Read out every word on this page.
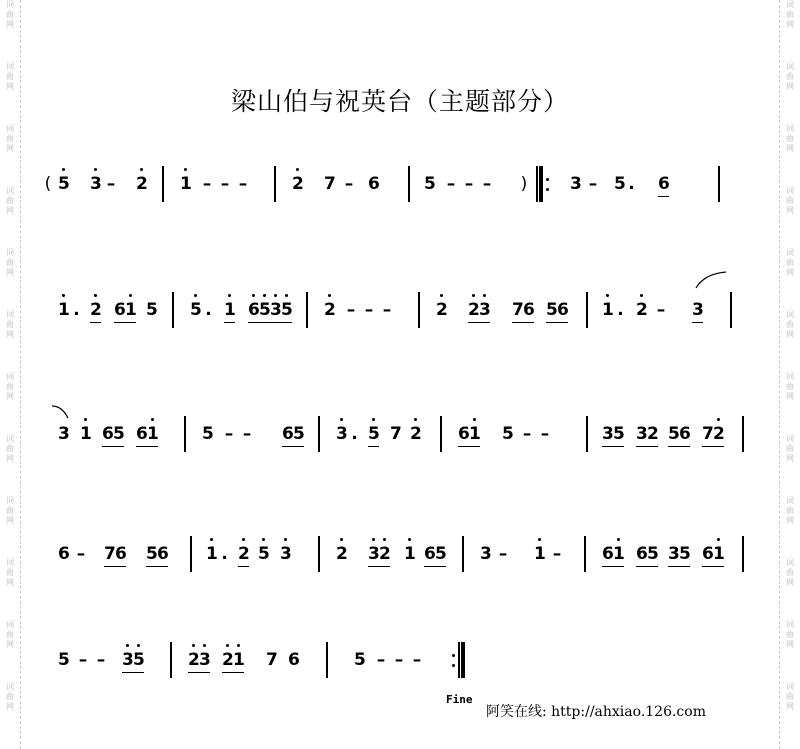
词
曲
网

词
曲
网

词
曲
网

词
曲
网

词
曲
网

词
曲
网

词
曲
网

词
曲
网

词
曲
网

词
曲
网

词
曲
网

词
曲
网

词
曲
网

词
曲
网

词
曲
网

词
曲
网

词
曲
网

词
曲
网

词
曲
网

词
曲
网

词
曲
网

词
曲
网

词
曲
网

词
曲
网

梁山伯与祝英台（主题部分）
( 5 3 – 2 1 – – –	2 7 – 6	5 – – – )	3 – 5 . 6
1 . 2 6 1 5 5 . 1 6 5 3 5 2 – – –	2 2 3 7 6 5 6 1 . 2 – 3
3 1 6 5 6 1	5 – – 6 5 3 . 5 7 2 6 1 5 – –	3 5 3 2 5 6 7 2
6 – 7 6 5 6 1 . 2 5 3	2 3 2 1 6 5 3 – 1 – 6 1 6 5 3 5 6 1
5 – – 3 5	2 3 2 1 7 6	5 – – –
Fine
阿笑在线: http://ahxiao.126.com
